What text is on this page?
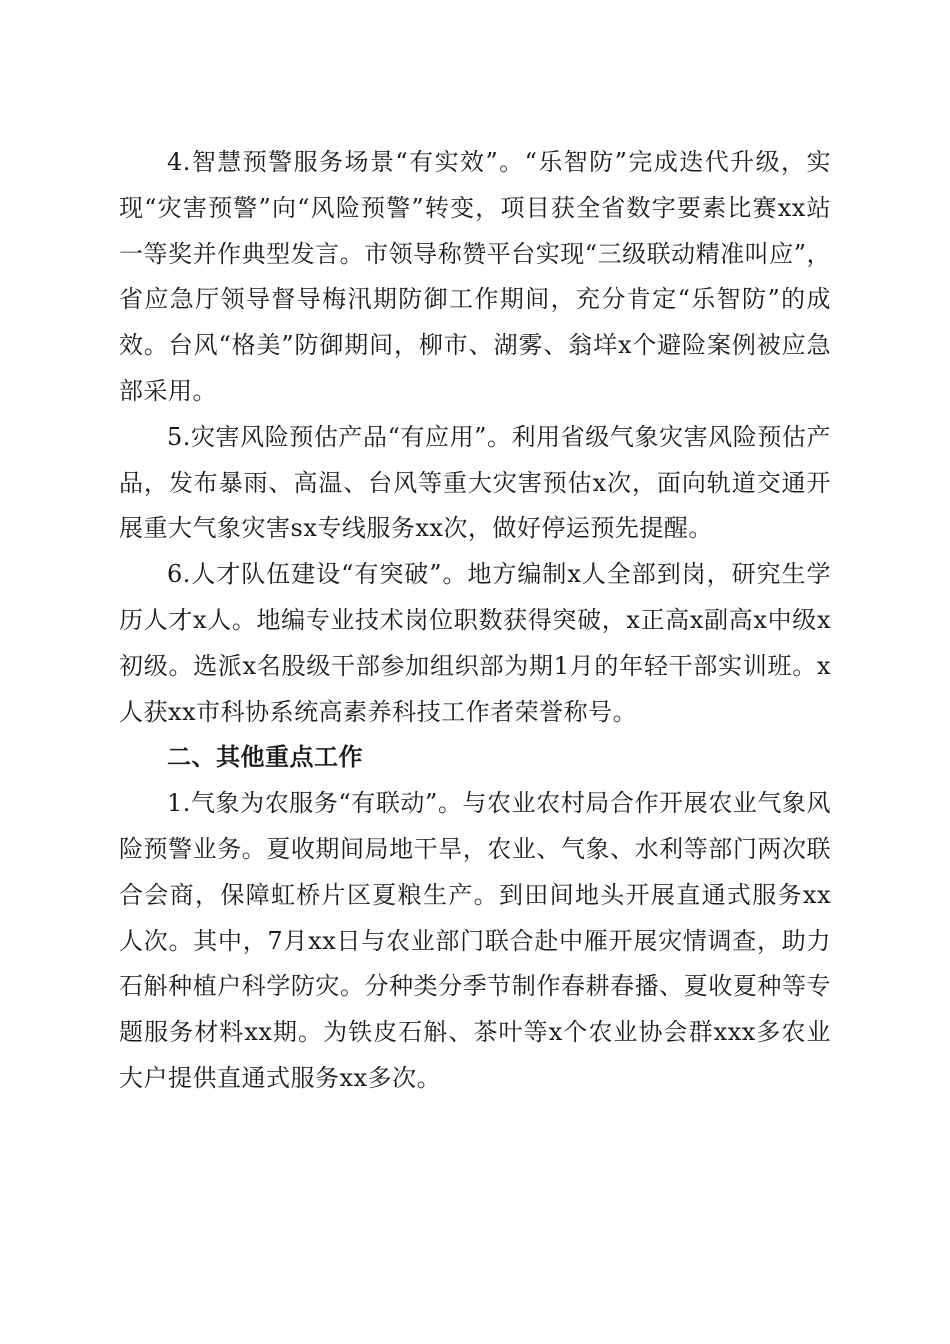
4.智慧预警服务场景“有实效”。“乐智防”完成迭代升级，实现“灾害预警”向“风险预警”转变，项目获全省数字要素比赛xx站一等奖并作典型发言。市领导称赞平台实现“三级联动精准叫应”，省应急厅领导督导梅汛期防御工作期间，充分肯定“乐智防”的成效。台风“格美”防御期间，柳市、湖雾、翁垟x个避险案例被应急部采用。

5.灾害风险预估产品“有应用”。利用省级气象灾害风险预估产品，发布暴雨、高温、台风等重大灾害预估x次，面向轨道交通开展重大气象灾害sx专线服务xx次，做好停运预先提醒。

6.人才队伍建设“有突破”。地方编制x人全部到岗，研究生学历人才x人。地编专业技术岗位职数获得突破，x正高x副高x中级x初级。选派x名股级干部参加组织部为期1月的年轻干部实训班。x人获xx市科协系统高素养科技工作者荣誉称号。

二、其他重点工作

1.气象为农服务“有联动”。与农业农村局合作开展农业气象风险预警业务。夏收期间局地干旱，农业、气象、水利等部门两次联合会商，保障虹桥片区夏粮生产。到田间地头开展直通式服务xx人次。其中，7月xx日与农业部门联合赴中雁开展灾情调查，助力石斛种植户科学防灾。分种类分季节制作春耕春播、夏收夏种等专题服务材料xx期。为铁皮石斛、茶叶等x个农业协会群xxx多农业大户提供直通式服务xx多次。
